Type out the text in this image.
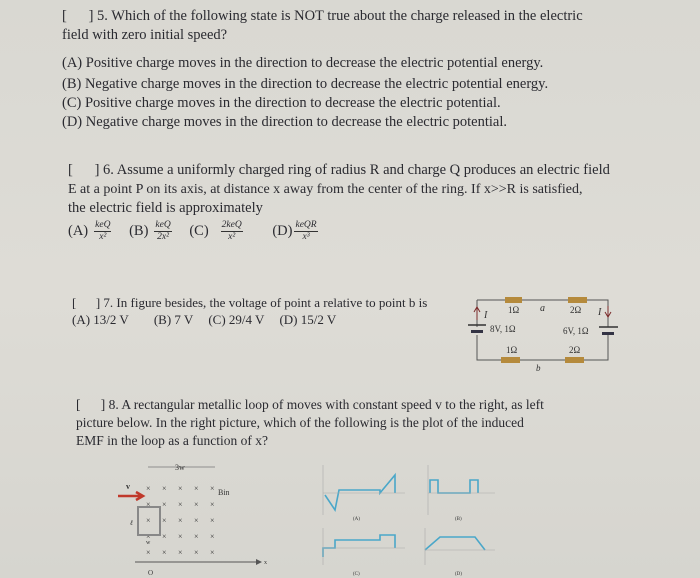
[      ] 5. Which of the following state is NOT true about the charge released in the electric

field with zero initial speed?

(A) Positive charge moves in the direction to decrease the electric potential energy.

(B) Negative charge moves in the direction to decrease the electric potential energy.

(C) Positive charge moves in the direction to decrease the electric potential.

(D) Negative charge moves in the direction to decrease the electric potential.

[      ] 6. Assume a uniformly charged ring of radius R and charge Q produces an electric field

E at a point P on its axis, at distance x away from the center of the ring. If x>>R is satisfied,

the electric field is approximately

$(A) \frac{\text{keQ}}{\text{x²}} (B) \frac{\text{keQ}}{\text{2x²}} (C) \frac{\text{2keQ}}{\text{x²}} (D) \frac{\text{keQR}}{\text{x³}}$

[      ] 7. In figure besides, the voltage of point a relative to point b is

(A) 13/2 V (B) 7 V (C) 29/4 V (D) 15/2 V

1Ω a	2Ω
I	I
8V, 1Ω	6V, 1Ω
1Ω	2Ω
b

[      ] 8. A rectangular metallic loop of moves with constant speed v to the right, as left

picture below. In the right picture, which of the following is the plot of the induced

EMF in the loop as a function of x?

3w
× × × × ×
× × × × ×
× × × × ×
× × × × ×
× × × × ×
v
Bin
ℓ
w
x
O
(A)	(B)
(C)	(D)
